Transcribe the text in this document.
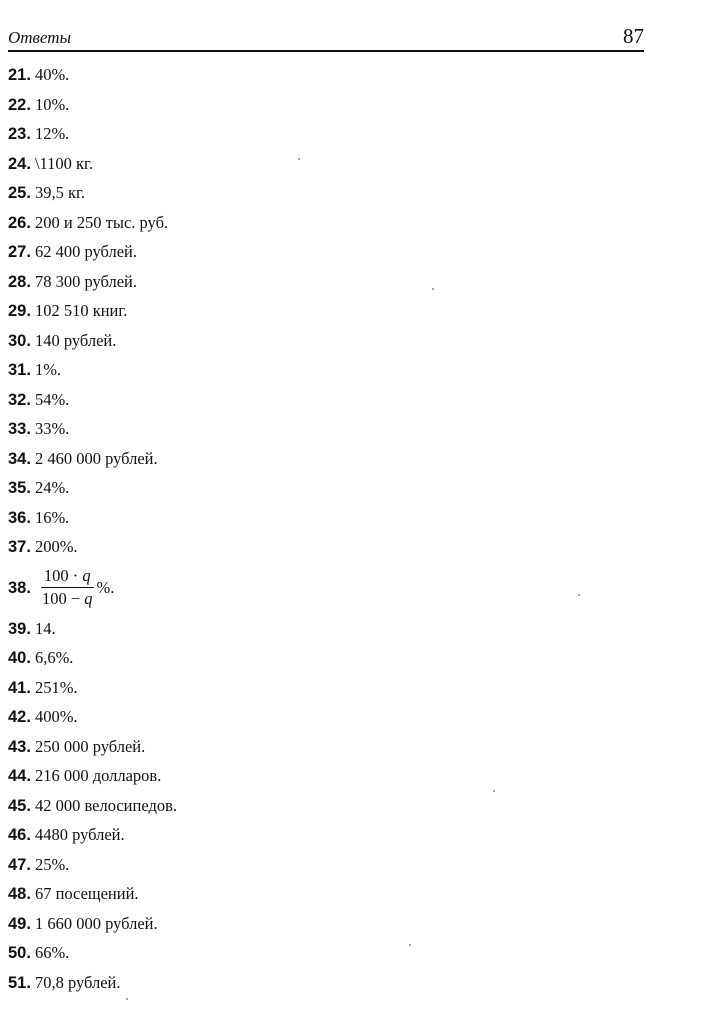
Ответы	87
21. 40%.
22. 10%.
23. 12%.
24. \1100 кг.
25. 39,5 кг.
26. 200 и 250 тыс. руб.
27. 62 400 рублей.
28. 78 300 рублей.
29. 102 510 книг.
30. 140 рублей.
31. 1%.
32. 54%.
33. 33%.
34. 2 460 000 рублей.
35. 24%.
36. 16%.
37. 200%.
38. $\frac{100 \cdot q}{100 - q}$ %.
39. 14.
40. 6,6%.
41. 251%.
42. 400%.
43. 250 000 рублей.
44. 216 000 долларов.
45. 42 000 велосипедов.
46. 4480 рублей.
47. 25%.
48. 67 посещений.
49. 1 660 000 рублей.
50. 66%.
51. 70,8 рублей.
